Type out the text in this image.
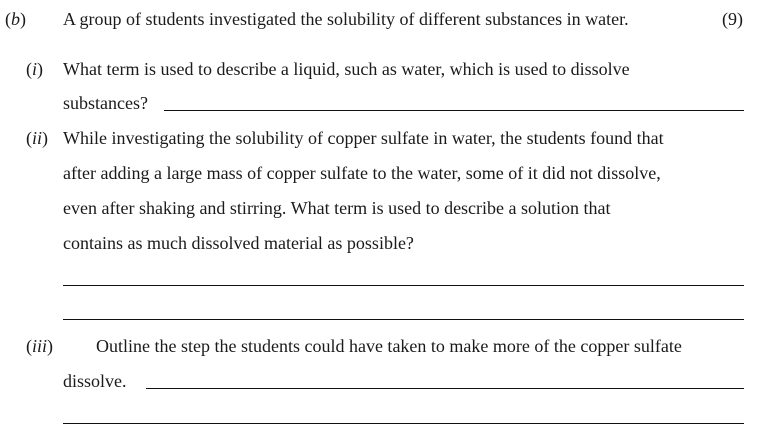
(b) A group of students investigated the solubility of different substances in water.	(9)
(i) What term is used to describe a liquid, such as water, which is used to dissolve
substances?
(ii) While investigating the solubility of copper sulfate in water, the students found that
after adding a large mass of copper sulfate to the water, some of it did not dissolve,
even after shaking and stirring. What term is used to describe a solution that
contains as much dissolved material as possible?
(iii) Outline the step the students could have taken to make more of the copper sulfate
dissolve.
